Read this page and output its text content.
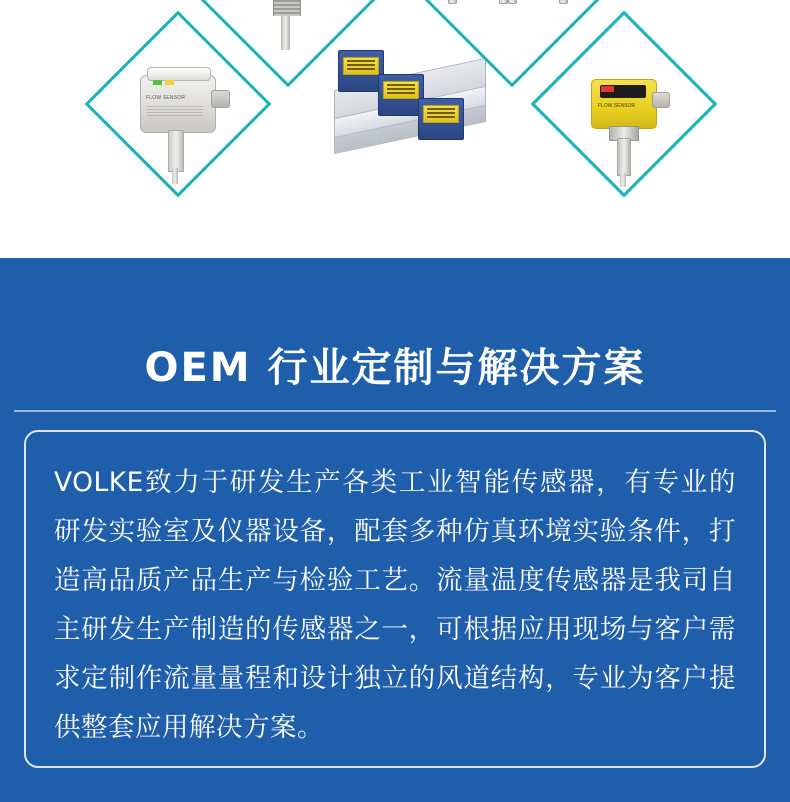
FLOW SENSOR
FLOW SENSOR
OEM 行业定制与解决方案
VOLKE致力于研发生产各类工业智能传感器，有专业的研发实验室及仪器设备，配套多种仿真环境实验条件，打造高品质产品生产与检验工艺。流量温度传感器是我司自主研发生产制造的传感器之一，可根据应用现场与客户需求定制作流量量程和设计独立的风道结构，专业为客户提供整套应用解决方案。
